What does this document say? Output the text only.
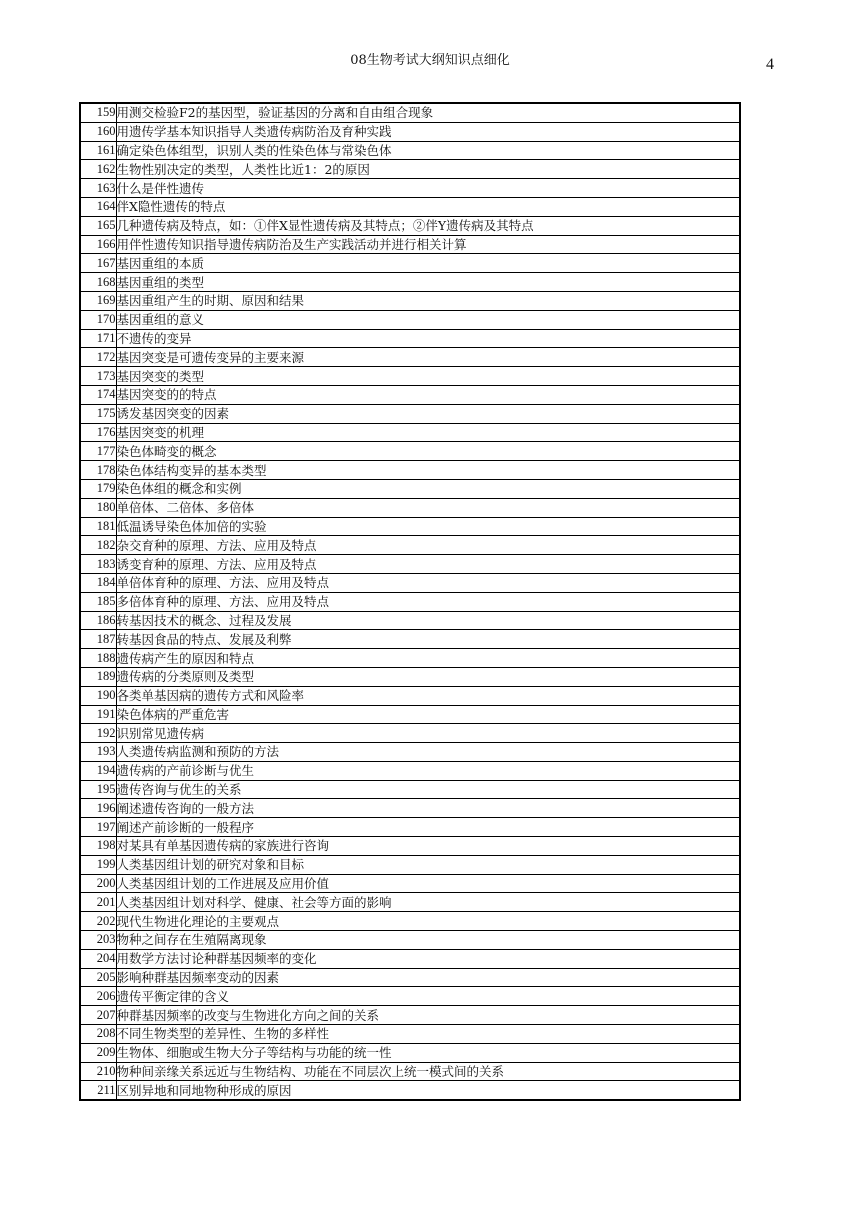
08生物考试大纲知识点细化	4
159	用测交检验F2的基因型，验证基因的分离和自由组合现象
160	用遗传学基本知识指导人类遗传病防治及育种实践
161	确定染色体组型，识别人类的性染色体与常染色体
162	生物性别决定的类型，人类性比近1：2的原因
163	什么是伴性遗传
164	伴X隐性遗传的特点
165	几种遗传病及特点，如：①伴X显性遗传病及其特点；②伴Y遗传病及其特点
166	用伴性遗传知识指导遗传病防治及生产实践活动并进行相关计算
167	基因重组的本质
168	基因重组的类型
169	基因重组产生的时期、原因和结果
170	基因重组的意义
171	不遗传的变异
172	基因突变是可遗传变异的主要来源
173	基因突变的类型
174	基因突变的的特点
175	诱发基因突变的因素
176	基因突变的机理
177	染色体畸变的概念
178	染色体结构变异的基本类型
179	染色体组的概念和实例
180	单倍体、二倍体、多倍体
181	低温诱导染色体加倍的实验
182	杂交育种的原理、方法、应用及特点
183	诱变育种的原理、方法、应用及特点
184	单倍体育种的原理、方法、应用及特点
185	多倍体育种的原理、方法、应用及特点
186	转基因技术的概念、过程及发展
187	转基因食品的特点、发展及利弊
188	遗传病产生的原因和特点
189	遗传病的分类原则及类型
190	各类单基因病的遗传方式和风险率
191	染色体病的严重危害
192	识别常见遗传病
193	人类遗传病监测和预防的方法
194	遗传病的产前诊断与优生
195	遗传咨询与优生的关系
196	阐述遗传咨询的一般方法
197	阐述产前诊断的一般程序
198	对某具有单基因遗传病的家族进行咨询
199	人类基因组计划的研究对象和目标
200	人类基因组计划的工作进展及应用价值
201	人类基因组计划对科学、健康、社会等方面的影响
202	现代生物进化理论的主要观点
203	物种之间存在生殖隔离现象
204	用数学方法讨论种群基因频率的变化
205	影响种群基因频率变动的因素
206	遗传平衡定律的含义
207	种群基因频率的改变与生物进化方向之间的关系
208	不同生物类型的差异性、生物的多样性
209	生物体、细胞或生物大分子等结构与功能的统一性
210	物种间亲缘关系远近与生物结构、功能在不同层次上统一模式间的关系
211	区别异地和同地物种形成的原因
